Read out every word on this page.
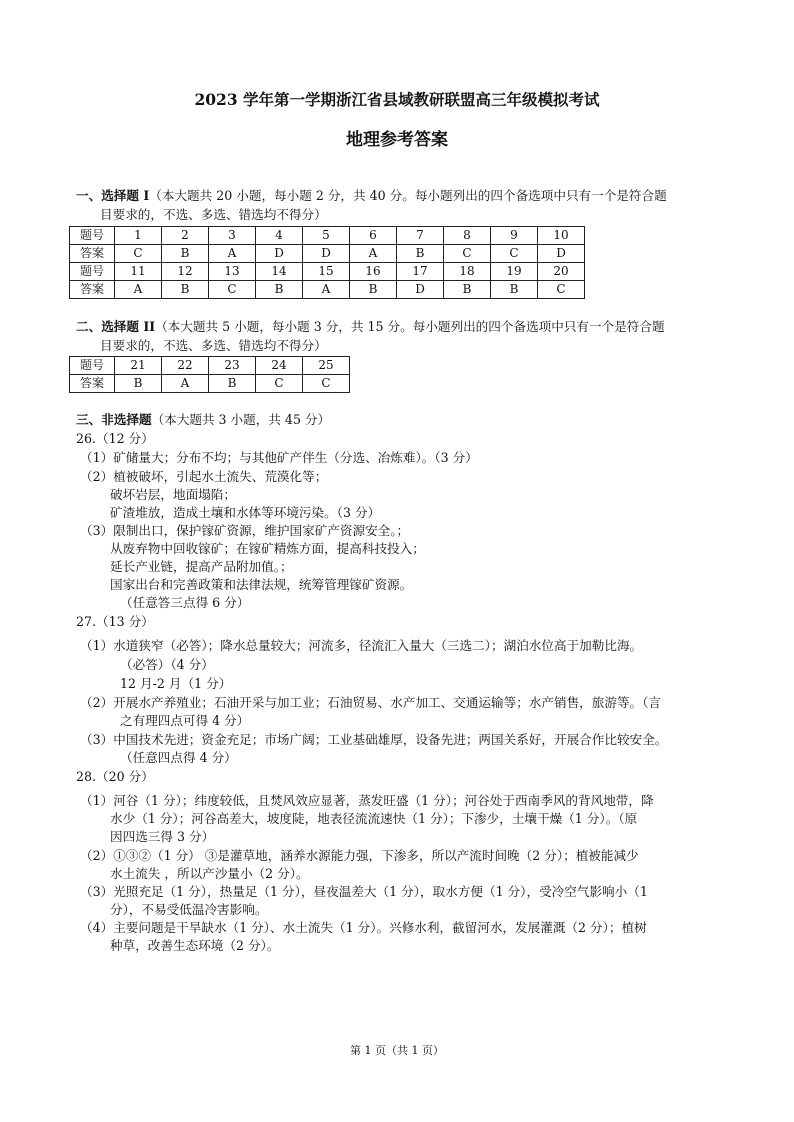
2023 学年第一学期浙江省县域教研联盟高三年级模拟考试
地理参考答案
一、选择题 I（本大题共 20 小题，每小题 2 分，共 40 分。每小题列出的四个备选项中只有一个是符合题
目要求的，不选、多选、错选均不得分）
题号	1	2	3	4	5	6	7	8	9	10
答案	C	B	A	D	D	A	B	C	C	D
题号	11	12	13	14	15	16	17	18	19	20
答案	A	B	C	B	A	B	D	B	B	C
二、选择题 II（本大题共 5 小题，每小题 3 分，共 15 分。每小题列出的四个备选项中只有一个是符合题
目要求的，不选、多选、错选均不得分）
题号	21	22	23	24	25
答案	B	A	B	C	C
三、非选择题（本大题共 3 小题，共 45 分）
26.（12 分）
（1）矿储量大；分布不均；与其他矿产伴生（分选、冶炼难）。（3 分）
（2）植被破坏，引起水土流失、荒漠化等；
破坏岩层，地面塌陷；
矿渣堆放，造成土壤和水体等环境污染。（3 分）
（3）限制出口，保护镓矿资源，维护国家矿产资源安全。；
从废弃物中回收镓矿；在镓矿精炼方面，提高科技投入；
延长产业链，提高产品附加值。；
国家出台和完善政策和法律法规，统筹管理镓矿资源。
（任意答三点得 6 分）
27.（13 分）
（1）水道狭窄（必答）；降水总量较大；河流多，径流汇入量大（三选二）；湖泊水位高于加勒比海。
（必答）（4 分）
12 月-2 月（1 分）
（2）开展水产养殖业；石油开采与加工业；石油贸易、水产加工、交通运输等；水产销售，旅游等。（言
之有理四点可得 4 分）
（3）中国技术先进；资金充足；市场广阔；工业基础雄厚，设备先进；两国关系好，开展合作比较安全。
（任意四点得 4 分）
28.（20 分）
（1）河谷（1 分）；纬度较低，且焚风效应显著，蒸发旺盛（1 分）；河谷处于西南季风的背风地带，降
水少（1 分）；河谷高差大，坡度陡，地表径流流速快（1 分）；下渗少，土壤干燥（1 分）。（原
因四选三得 3 分）
（2）①③②（1 分） ③是灌草地，涵养水源能力强，下渗多，所以产流时间晚（2 分）；植被能减少
水土流失 ，所以产沙量小（2 分）。
（3）光照充足（1 分），热量足（1 分），昼夜温差大（1 分），取水方便（1 分），受冷空气影响小（1
分），不易受低温冷害影响。
（4）主要问题是干旱缺水（1 分）、水土流失（1 分）。兴修水利，截留河水，发展灌溉（2 分）；植树
种草，改善生态环境（2 分）。
第 1 页（共 1 页）
